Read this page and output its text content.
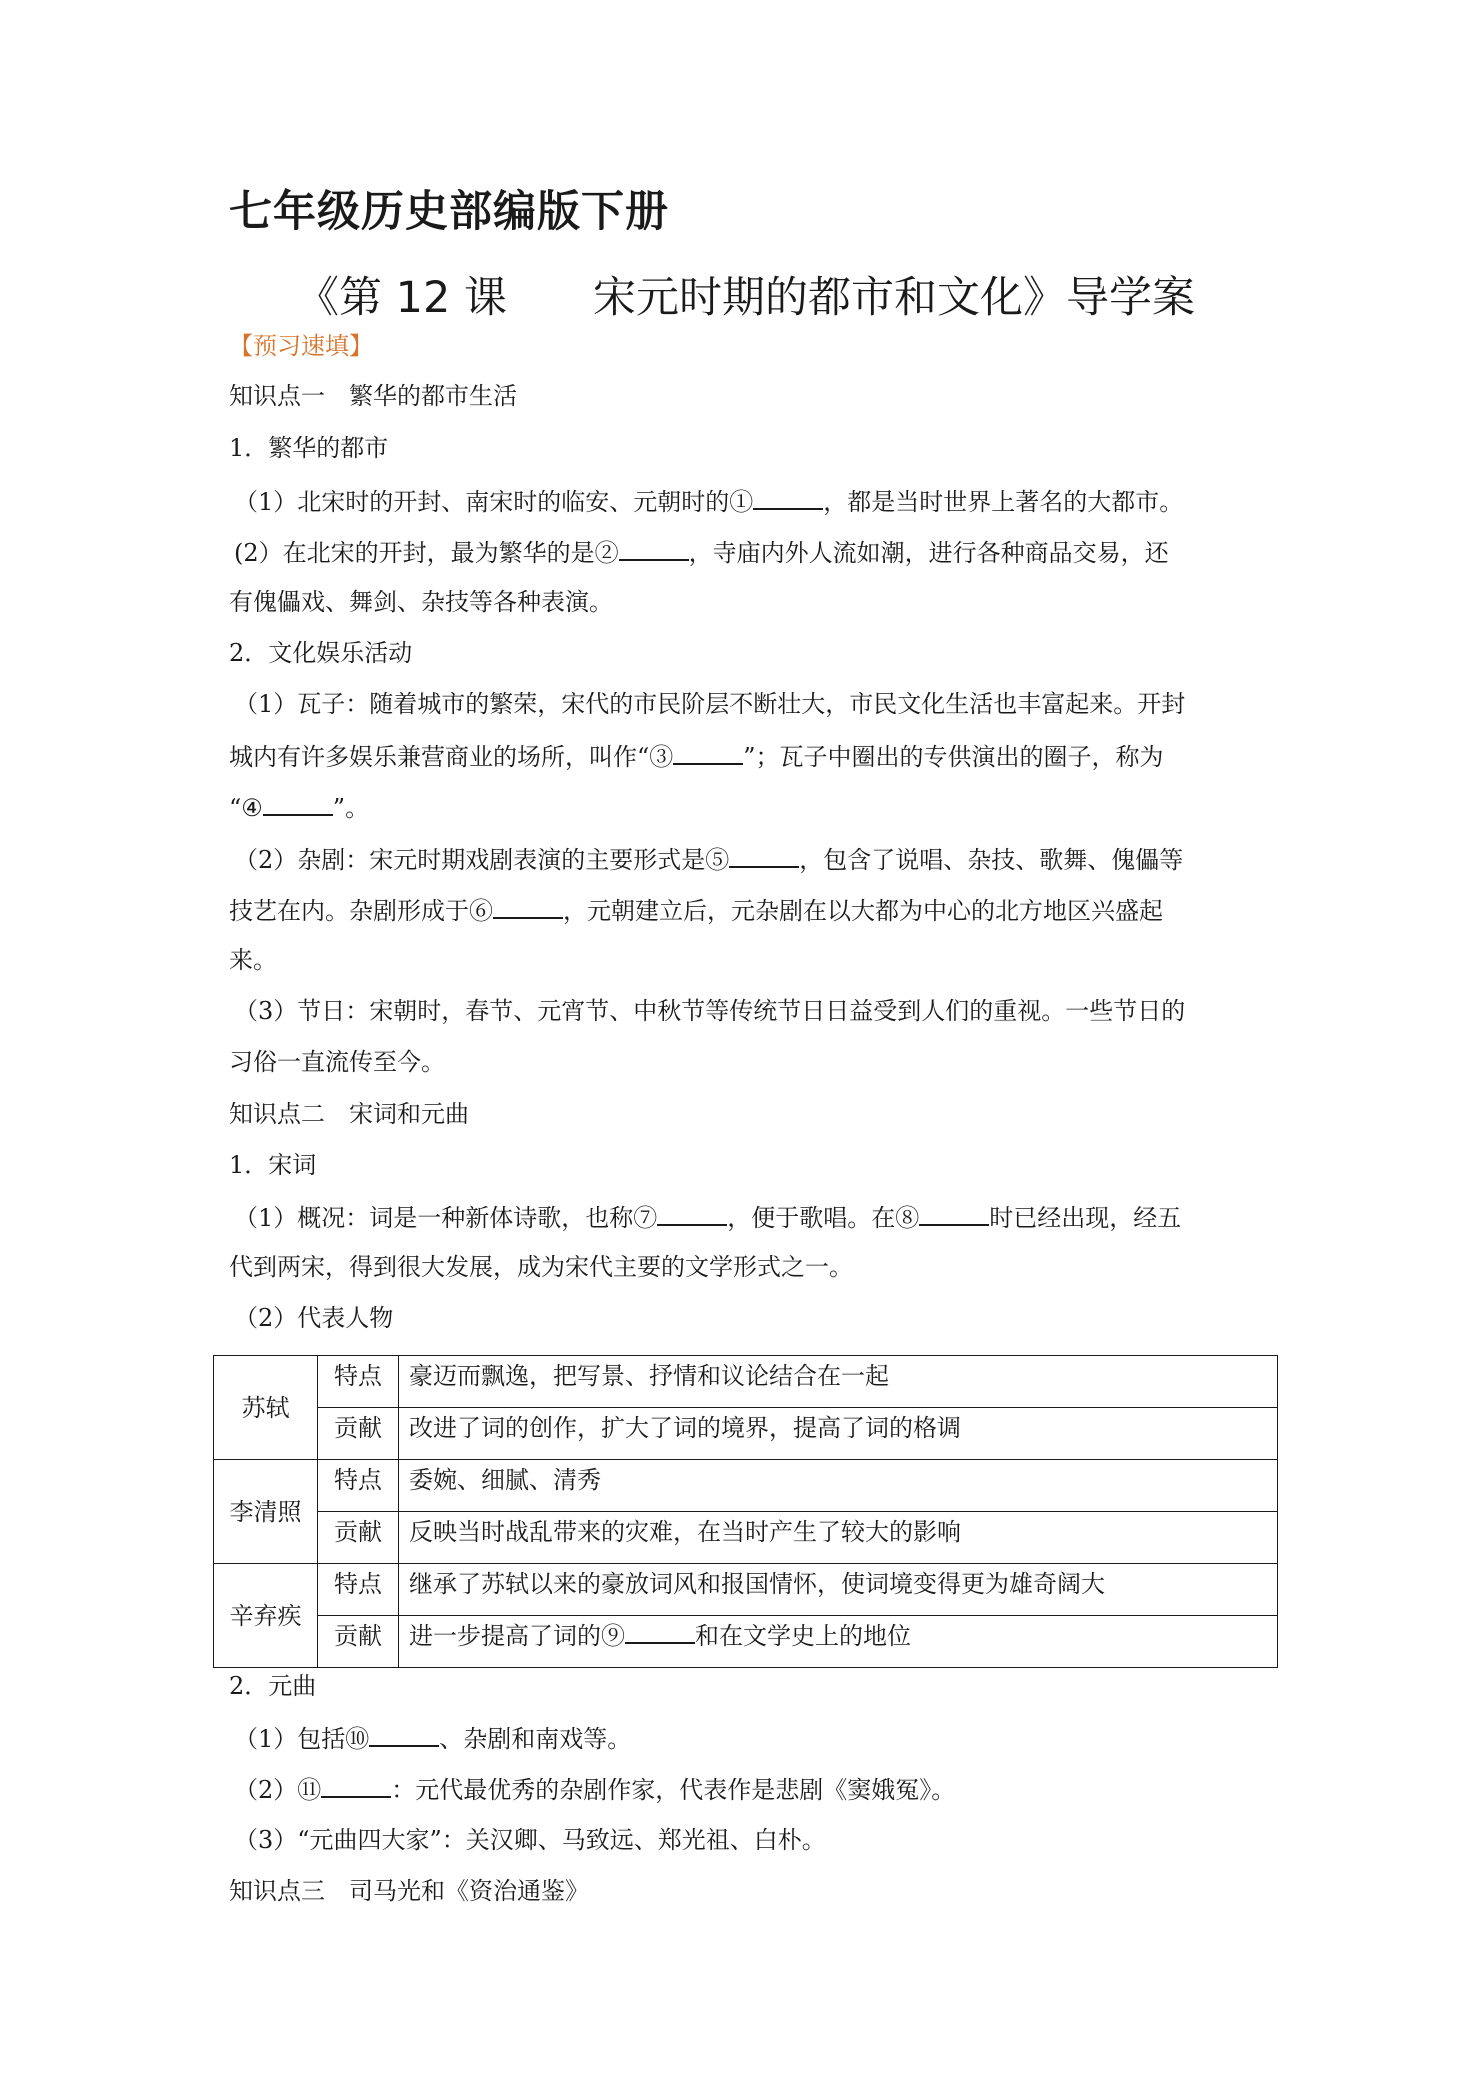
七年级历史部编版下册
《第 12 课　　宋元时期的都市和文化》导学案
【预习速填】
知识点一　繁华的都市生活
1．繁华的都市
（1）北宋时的开封、南宋时的临安、元朝时的①	，都是当时世界上著名的大都市。
(2）在北宋的开封，最为繁华的是②	，寺庙内外人流如潮，进行各种商品交易，还
有傀儡戏、舞剑、杂技等各种表演。
2．文化娱乐活动
（1）瓦子：随着城市的繁荣，宋代的市民阶层不断壮大，市民文化生活也丰富起来。开封
城内有许多娱乐兼营商业的场所，叫作“③	”；瓦子中圈出的专供演出的圈子，称为
“④	”。
（2）杂剧：宋元时期戏剧表演的主要形式是⑤	，包含了说唱、杂技、歌舞、傀儡等
技艺在内。杂剧形成于⑥	，元朝建立后，元杂剧在以大都为中心的北方地区兴盛起
来。
（3）节日：宋朝时，春节、元宵节、中秋节等传统节日日益受到人们的重视。一些节日的
习俗一直流传至今。
知识点二　宋词和元曲
1．宋词
（1）概况：词是一种新体诗歌，也称⑦	，便于歌唱。在⑧	时已经出现，经五
代到两宋，得到很大发展，成为宋代主要的文学形式之一。
（2）代表人物
苏轼	特点	豪迈而飘逸，把写景、抒情和议论结合在一起
	贡献	改进了词的创作，扩大了词的境界，提高了词的格调
李清照	特点	委婉、细腻、清秀
	贡献	反映当时战乱带来的灾难，在当时产生了较大的影响
辛弃疾	特点	继承了苏轼以来的豪放词风和报国情怀，使词境变得更为雄奇阔大
	贡献	进一步提高了词的⑨ 和在文学史上的地位
2．元曲
（1）包括⑩	、杂剧和南戏等。
（2）⑪	：元代最优秀的杂剧作家，代表作是悲剧《窦娥冤》。
（3）“元曲四大家”：关汉卿、马致远、郑光祖、白朴。
知识点三　司马光和《资治通鉴》
